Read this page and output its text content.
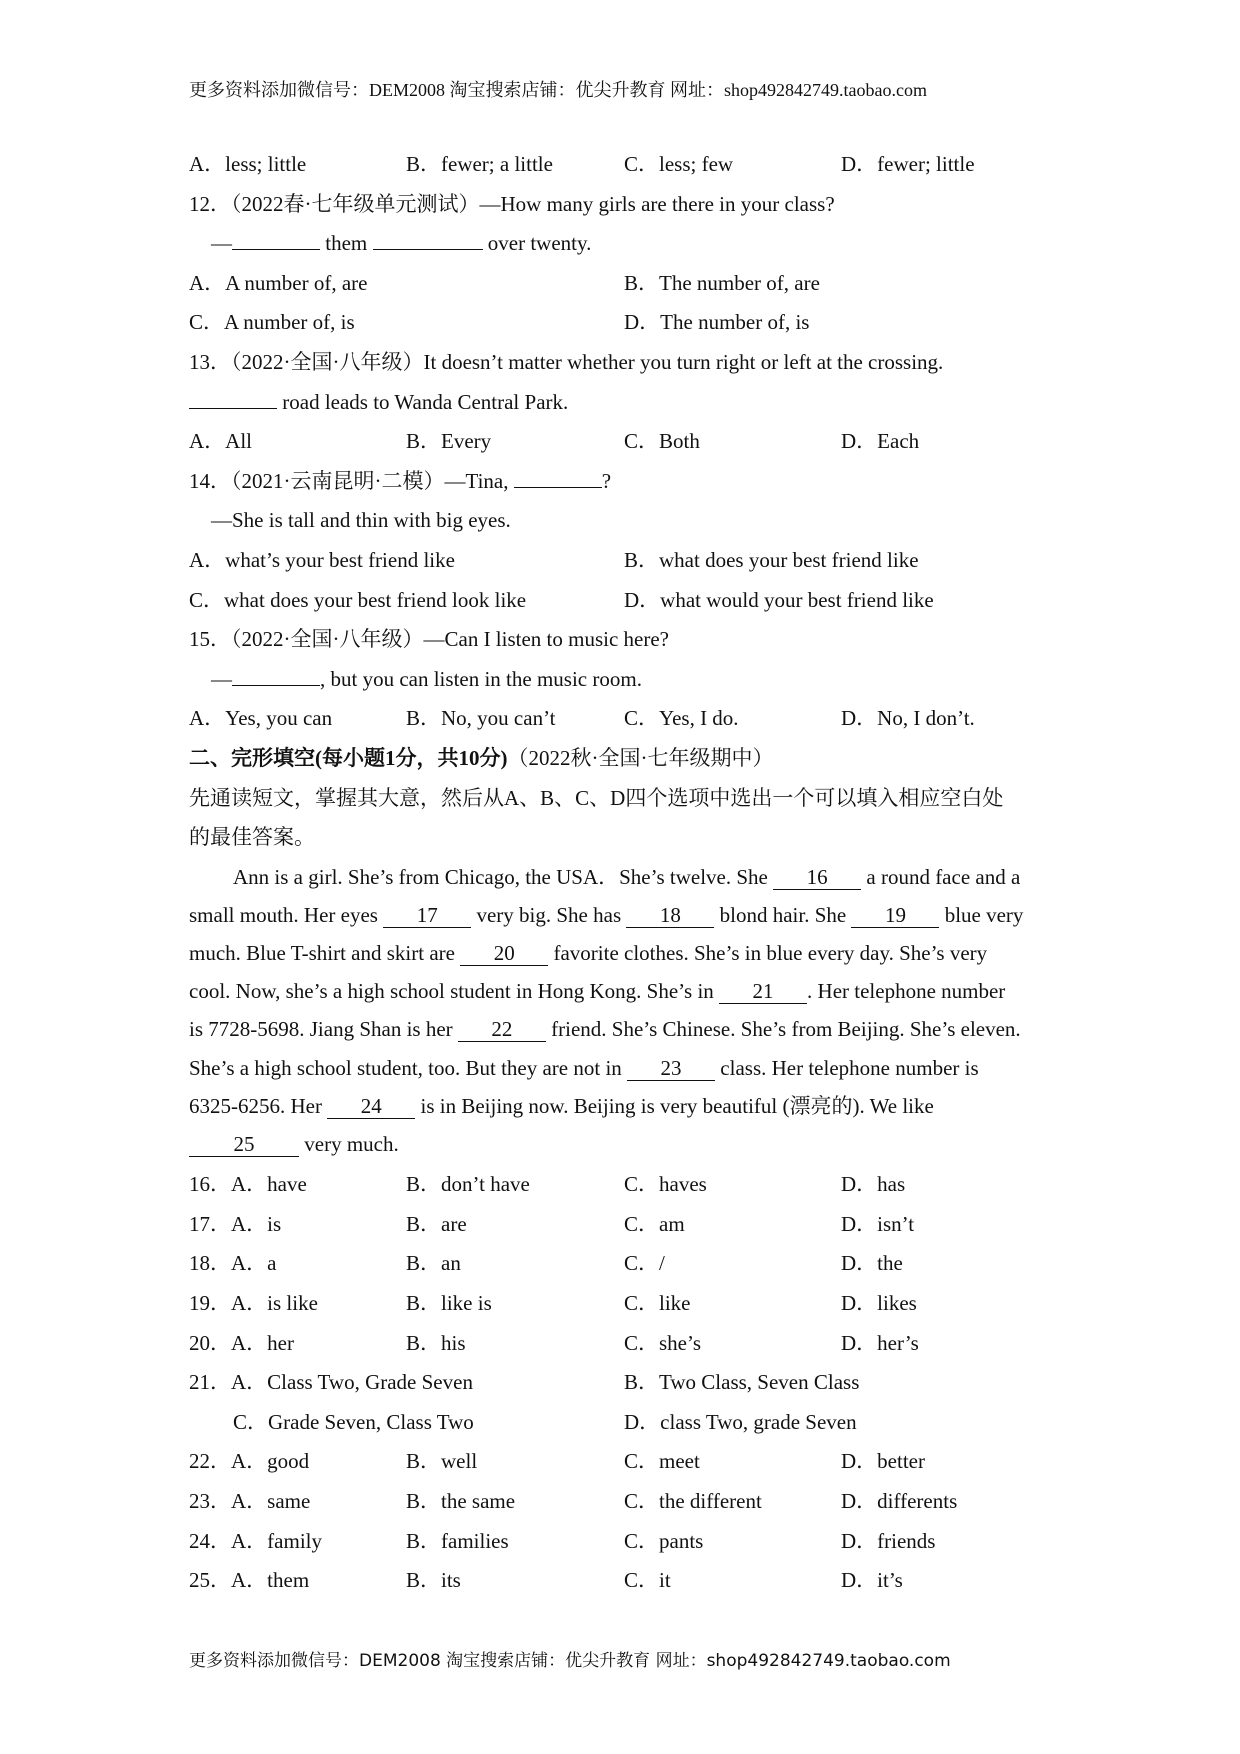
更多资料添加微信号：DEM2008 淘宝搜索店铺：优尖升教育 网址：shop492842749.taobao.com
A．less; little	B．fewer; a little	C．less; few	D．fewer; little
12．（2022春·七年级单元测试）—How many girls are there in your class?
—	them	over twenty.
A．A number of, are	B．The number of, are
C．A number of, is	D．The number of, is
13．（2022·全国·八年级）It doesn’t matter whether you turn right or left at the crossing.
road leads to Wanda Central Park.
A．All	B．Every	C．Both	D．Each
14．（2021·云南昆明·二模）—Tina,	?
—She is tall and thin with big eyes.
A．what’s your best friend like	B．what does your best friend like
C．what does your best friend look like	D．what would your best friend like
15．（2022·全国·八年级）—Can I listen to music here?
—	, but you can listen in the music room.
A．Yes, you can	B．No, you can’t	C．Yes, I do.	D．No, I don’t.
二、完形填空(每小题1分，共10分)（2022秋·全国·七年级期中）
先通读短文，掌握其大意，然后从A、B、C、D四个选项中选出一个可以填入相应空白处
的最佳答案。
Ann is a girl. She’s from Chicago, the USA．She’s twelve. She 16 a round face and a
small mouth. Her eyes 17 very big. She has 18 blond hair. She 19 blue very
much. Blue T-shirt and skirt are 20 favorite clothes. She’s in blue every day. She’s very
cool. Now, she’s a high school student in Hong Kong. She’s in 21 . Her telephone number
is 7728-5698. Jiang Shan is her 22 friend. She’s Chinese. She’s from Beijing. She’s eleven.
She’s a high school student, too. But they are not in 23 class. Her telephone number is
6325-6256. Her 24 is in Beijing now. Beijing is very beautiful (漂亮的). We like
25 very much.
16．A．have	B．don’t have	C．haves	D．has
17．A．is	B．are	C．am	D．isn’t
18．A．a	B．an	C．/	D．the
19．A．is like	B．like is	C．like	D．likes
20．A．her	B．his	C．she’s	D．her’s
21．A．Class Two, Grade Seven	B．Two Class, Seven Class
C．Grade Seven, Class Two	D．class Two, grade Seven
22．A．good	B．well	C．meet	D．better
23．A．same	B．the same	C．the different	D．differents
24．A．family	B．families	C．pants	D．friends
25．A．them	B．its	C．it	D．it’s
更多资料添加微信号：DEM2008 淘宝搜索店铺：优尖升教育 网址：shop492842749.taobao.com
